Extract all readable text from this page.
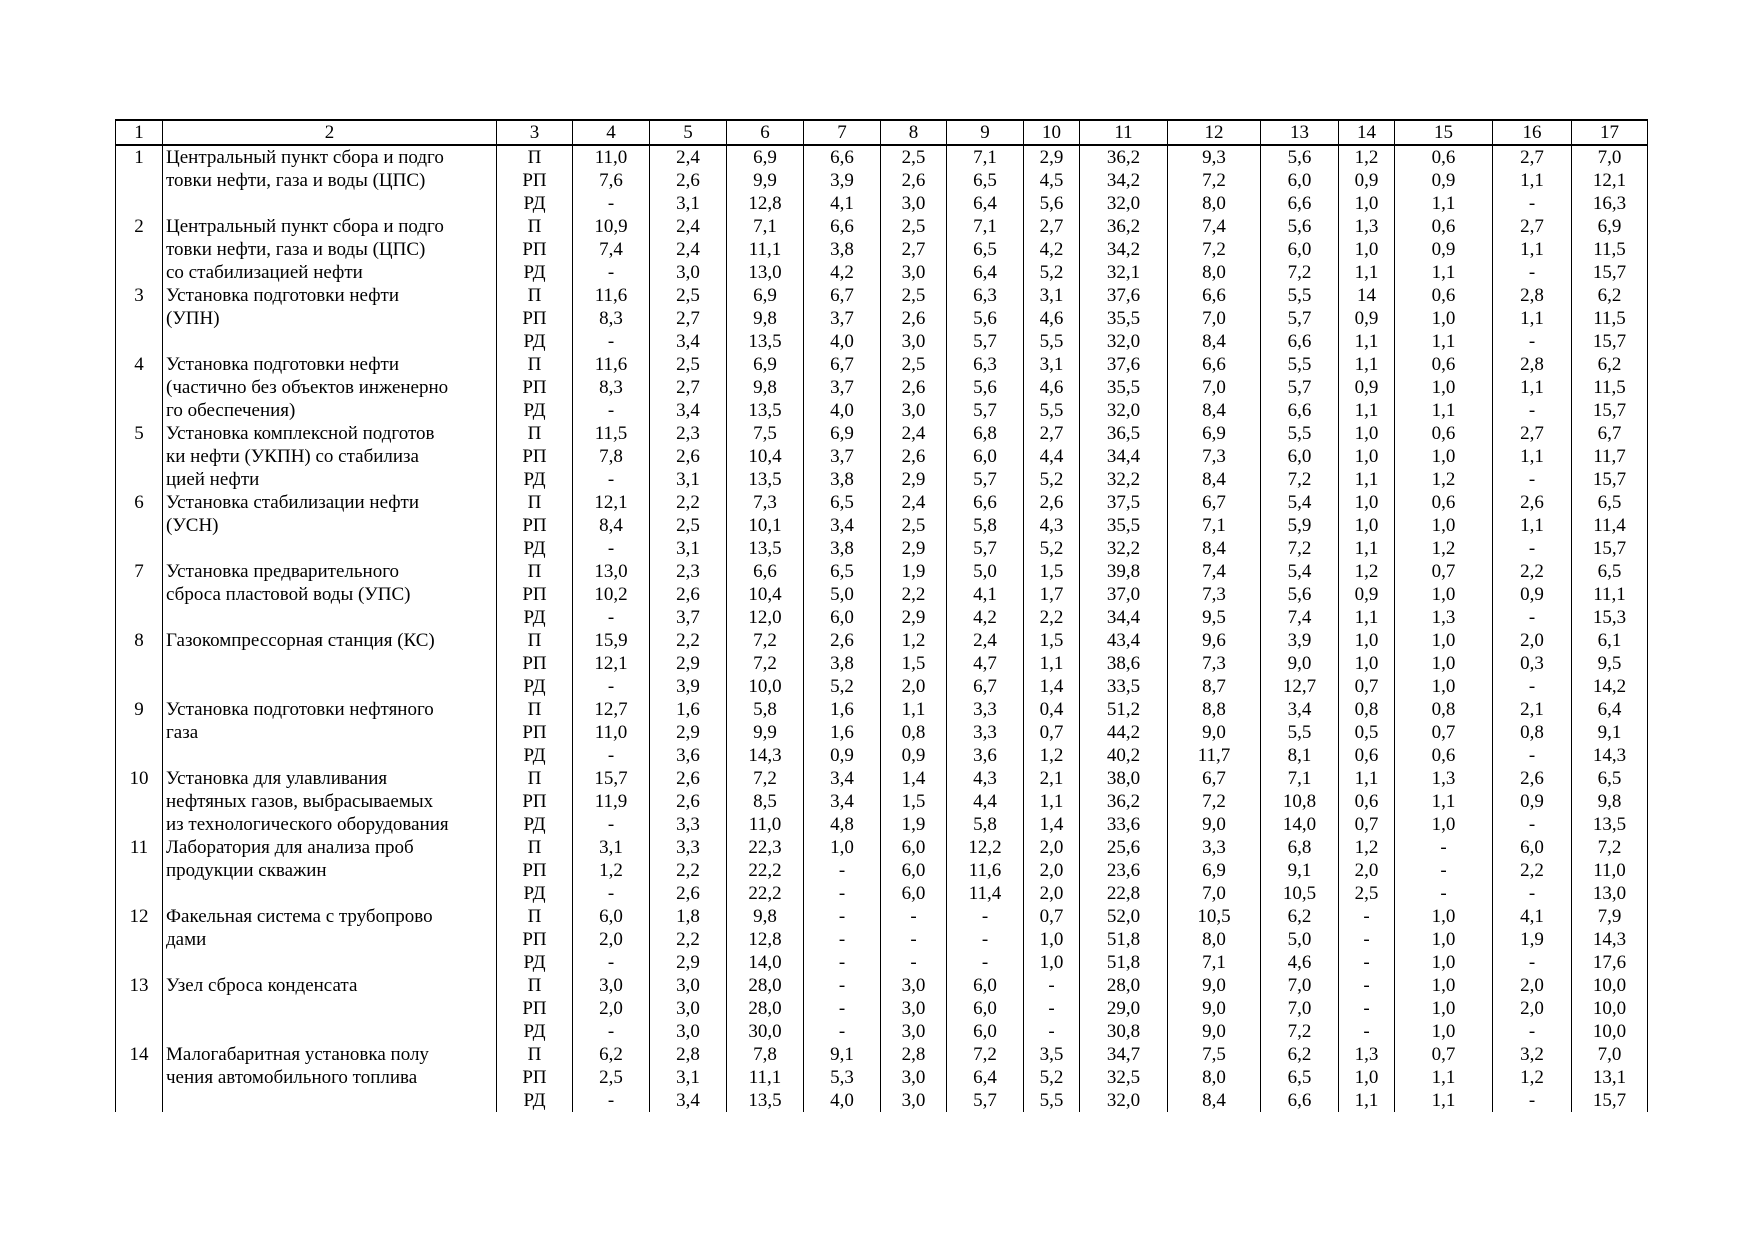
1	2	3	4	5	6	7	8	9	10	11	12	13	14	15	16	17
1	Центральный пункт сбора и подго	П	11,0	2,4	6,9	6,6	2,5	7,1	2,9	36,2	9,3	5,6	1,2	0,6	2,7	7,0
	товки нефти, газа и воды (ЦПС)	РП	7,6	2,6	9,9	3,9	2,6	6,5	4,5	34,2	7,2	6,0	0,9	0,9	1,1	12,1
		РД	-	3,1	12,8	4,1	3,0	6,4	5,6	32,0	8,0	6,6	1,0	1,1	-	16,3
2	Центральный пункт сбора и подго	П	10,9	2,4	7,1	6,6	2,5	7,1	2,7	36,2	7,4	5,6	1,3	0,6	2,7	6,9
	товки нефти, газа и воды (ЦПС)	РП	7,4	2,4	11,1	3,8	2,7	6,5	4,2	34,2	7,2	6,0	1,0	0,9	1,1	11,5
	со стабилизацией нефти	РД	-	3,0	13,0	4,2	3,0	6,4	5,2	32,1	8,0	7,2	1,1	1,1	-	15,7
3	Установка подготовки нефти	П	11,6	2,5	6,9	6,7	2,5	6,3	3,1	37,6	6,6	5,5	14	0,6	2,8	6,2
	(УПН)	РП	8,3	2,7	9,8	3,7	2,6	5,6	4,6	35,5	7,0	5,7	0,9	1,0	1,1	11,5
		РД	-	3,4	13,5	4,0	3,0	5,7	5,5	32,0	8,4	6,6	1,1	1,1	-	15,7
4	Установка подготовки нефти	П	11,6	2,5	6,9	6,7	2,5	6,3	3,1	37,6	6,6	5,5	1,1	0,6	2,8	6,2
	(частично без объектов инженерно	РП	8,3	2,7	9,8	3,7	2,6	5,6	4,6	35,5	7,0	5,7	0,9	1,0	1,1	11,5
	го обеспечения)	РД	-	3,4	13,5	4,0	3,0	5,7	5,5	32,0	8,4	6,6	1,1	1,1	-	15,7
5	Установка комплексной подготов	П	11,5	2,3	7,5	6,9	2,4	6,8	2,7	36,5	6,9	5,5	1,0	0,6	2,7	6,7
	ки нефти (УКПН) со стабилиза	РП	7,8	2,6	10,4	3,7	2,6	6,0	4,4	34,4	7,3	6,0	1,0	1,0	1,1	11,7
	цией нефти	РД	-	3,1	13,5	3,8	2,9	5,7	5,2	32,2	8,4	7,2	1,1	1,2	-	15,7
6	Установка стабилизации нефти	П	12,1	2,2	7,3	6,5	2,4	6,6	2,6	37,5	6,7	5,4	1,0	0,6	2,6	6,5
	(УСН)	РП	8,4	2,5	10,1	3,4	2,5	5,8	4,3	35,5	7,1	5,9	1,0	1,0	1,1	11,4
		РД	-	3,1	13,5	3,8	2,9	5,7	5,2	32,2	8,4	7,2	1,1	1,2	-	15,7
7	Установка предварительного	П	13,0	2,3	6,6	6,5	1,9	5,0	1,5	39,8	7,4	5,4	1,2	0,7	2,2	6,5
	сброса пластовой воды (УПС)	РП	10,2	2,6	10,4	5,0	2,2	4,1	1,7	37,0	7,3	5,6	0,9	1,0	0,9	11,1
		РД	-	3,7	12,0	6,0	2,9	4,2	2,2	34,4	9,5	7,4	1,1	1,3	-	15,3
8	Газокомпрессорная станция (КС)	П	15,9	2,2	7,2	2,6	1,2	2,4	1,5	43,4	9,6	3,9	1,0	1,0	2,0	6,1
		РП	12,1	2,9	7,2	3,8	1,5	4,7	1,1	38,6	7,3	9,0	1,0	1,0	0,3	9,5
		РД	-	3,9	10,0	5,2	2,0	6,7	1,4	33,5	8,7	12,7	0,7	1,0	-	14,2
9	Установка подготовки нефтяного	П	12,7	1,6	5,8	1,6	1,1	3,3	0,4	51,2	8,8	3,4	0,8	0,8	2,1	6,4
	газа	РП	11,0	2,9	9,9	1,6	0,8	3,3	0,7	44,2	9,0	5,5	0,5	0,7	0,8	9,1
		РД	-	3,6	14,3	0,9	0,9	3,6	1,2	40,2	11,7	8,1	0,6	0,6	-	14,3
10	Установка для улавливания	П	15,7	2,6	7,2	3,4	1,4	4,3	2,1	38,0	6,7	7,1	1,1	1,3	2,6	6,5
	нефтяных газов, выбрасываемых	РП	11,9	2,6	8,5	3,4	1,5	4,4	1,1	36,2	7,2	10,8	0,6	1,1	0,9	9,8
	из технологического оборудования	РД	-	3,3	11,0	4,8	1,9	5,8	1,4	33,6	9,0	14,0	0,7	1,0	-	13,5
11	Лаборатория для анализа проб	П	3,1	3,3	22,3	1,0	6,0	12,2	2,0	25,6	3,3	6,8	1,2	-	6,0	7,2
	продукции скважин	РП	1,2	2,2	22,2	-	6,0	11,6	2,0	23,6	6,9	9,1	2,0	-	2,2	11,0
		РД	-	2,6	22,2	-	6,0	11,4	2,0	22,8	7,0	10,5	2,5	-	-	13,0
12	Факельная система с трубопрово	П	6,0	1,8	9,8	-	-	-	0,7	52,0	10,5	6,2	-	1,0	4,1	7,9
	дами	РП	2,0	2,2	12,8	-	-	-	1,0	51,8	8,0	5,0	-	1,0	1,9	14,3
		РД	-	2,9	14,0	-	-	-	1,0	51,8	7,1	4,6	-	1,0	-	17,6
13	Узел сброса конденсата	П	3,0	3,0	28,0	-	3,0	6,0	-	28,0	9,0	7,0	-	1,0	2,0	10,0
		РП	2,0	3,0	28,0	-	3,0	6,0	-	29,0	9,0	7,0	-	1,0	2,0	10,0
		РД	-	3,0	30,0	-	3,0	6,0	-	30,8	9,0	7,2	-	1,0	-	10,0
14	Малогабаритная установка полу	П	6,2	2,8	7,8	9,1	2,8	7,2	3,5	34,7	7,5	6,2	1,3	0,7	3,2	7,0
	чения автомобильного топлива	РП	2,5	3,1	11,1	5,3	3,0	6,4	5,2	32,5	8,0	6,5	1,0	1,1	1,2	13,1
		РД	-	3,4	13,5	4,0	3,0	5,7	5,5	32,0	8,4	6,6	1,1	1,1	-	15,7
